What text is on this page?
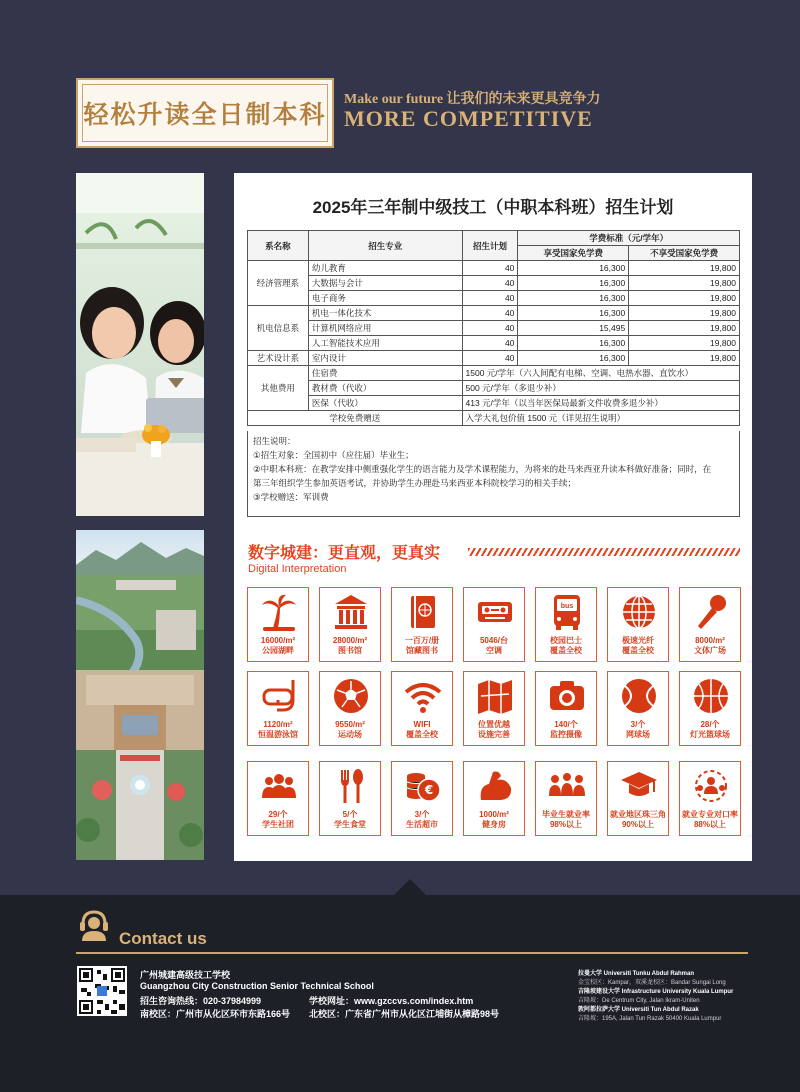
轻松升读全日制本科
Make our future 让我们的未来更具竞争力
MORE COMPETITIVE
2025年三年制中级技工（中职本科班）招生计划
系名称	招生专业	招生计划	学费标准（元/学年）	
			享受国家免学费	不享受国家免学费
经济管理系	幼儿教育	40	16,300	19,800
	大数据与会计	40	16,300	19,800
	电子商务	40	16,300	19,800
机电信息系	机电一体化技术	40	16,300	19,800
	计算机网络应用	40	15,495	19,800
	人工智能技术应用	40	16,300	19,800
艺术设计系	室内设计	40	16,300	19,800
其他费用	住宿费	1500 元/学年（六人间配有电梯、空调、电热水器、直饮水）		
	教材费（代收）	500 元/学年（多退少补）		
	医保（代收）	413 元/学年（以当年医保局最新文件收费多退少补）		
学校免费赠送		入学大礼包价值 1500 元（详见招生说明）		
招生说明：
①招生对象：全国初中（应往届）毕业生；
②中职本科班：在教学安排中侧重强化学生的语言能力及学术课程能力，为将来的赴马来西亚升读本科做好准备；同时，在
第三年组织学生参加英语考试，并协助学生办理赴马来西亚本科院校学习的相关手续；
③学校赠送：军训费
数字城建：更直观，更真实
Digital Interpretation
16000/m²
公园湖畔
28000/m²
图书馆
一百万/册
馆藏图书
5046/台
空调
bus
校园巴士
覆盖全校
极速光纤
覆盖全校
8000/m²
文体广场
1120/m²
恒温游泳馆
9550/m²
运动场
WIFI
覆盖全校
位置优越
设施完善
140/个
监控摄像
3/个
网球场
28/个
灯光篮球场
29/个
学生社团
5/个
学生食堂
€
3/个
生活超市
1000/m²
健身房
毕业生就业率
98%以上
就业地区珠三角
90%以上
就业专业对口率
88%以上
Contact us
广州城建高级技工学校
Guangzhou City Construction Senior Technical School
招生咨询热线：020-37984999	学校网址：www.gzccvs.com/index.htm
南校区：广州市从化区环市东路166号 北校区：广东省广州市从化区江埔街从樟路98号
拉曼大学 Universiti Tunku Abdul Rahman
金宝校区：Kampar，双溪龙校区：Bandar Sungai Long
吉隆坡建设大学 Infrastructure University Kuala Lumpur
吉隆坡：De Centrum City, Jalan Ikram-Uniten
敦阿都拉萨大学 Universiti Tun Abdul Razak
吉隆坡：195A, Jalan Tun Razak 50400 Kuala Lumpur
